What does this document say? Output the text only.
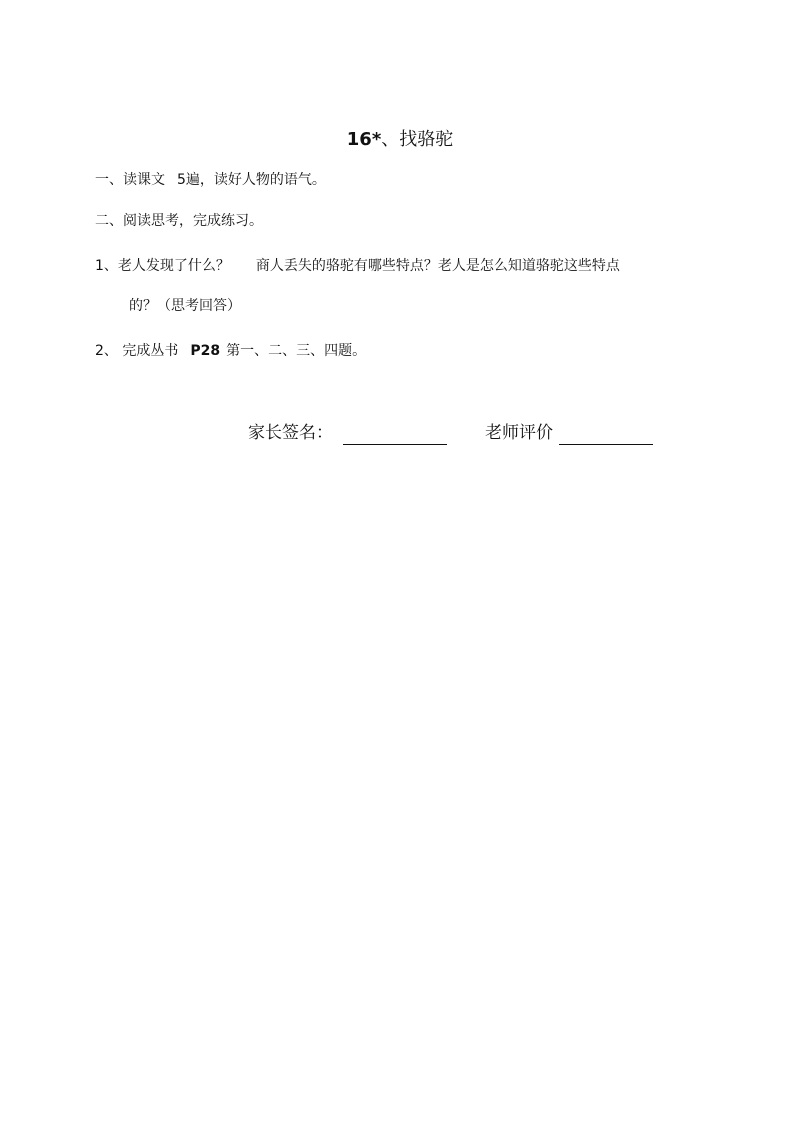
16*、找骆驼
一、读课文 5遍，读好人物的语气。
二、阅读思考，完成练习。
1、老人发现了什么？ 商人丢失的骆驼有哪些特点？老人是怎么知道骆驼这些特点
的？（思考回答）
2、 完成丛书 P28 第一、二、三、四题。
家长签名：	老师评价
